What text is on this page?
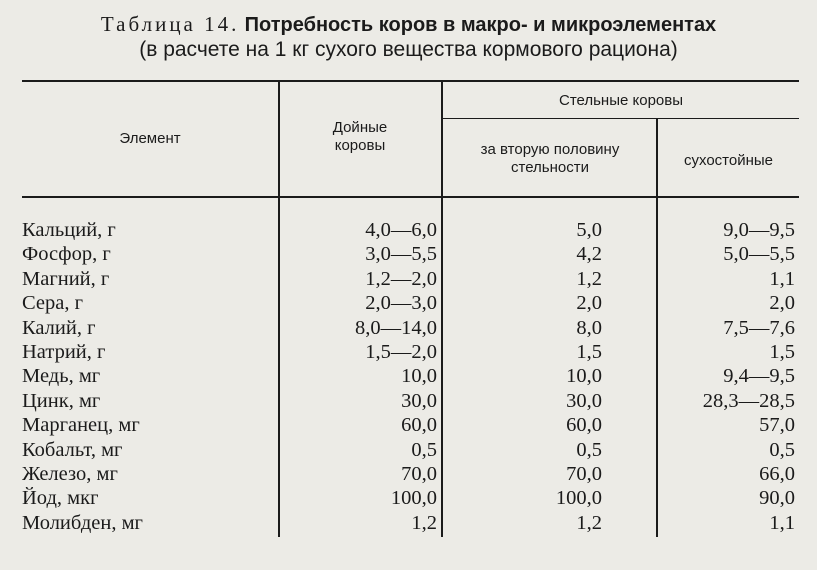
Таблица 14. Потребность коров в макро- и микроэлементах
(в расчете на 1 кг сухого вещества кормового рациона)
Элемент
Дойные коровы
Стельные коровы
за вторую половину стельности	сухостойные
Кальций, г	4,0—6,0	5,0	9,0—9,5
Фосфор, г	3,0—5,5	4,2	5,0—5,5
Магний, г	1,2—2,0	1,2	1,1
Сера, г	2,0—3,0	2,0	2,0
Калий, г	8,0—14,0	8,0	7,5—7,6
Натрий, г	1,5—2,0	1,5	1,5
Медь, мг	10,0	10,0	9,4—9,5
Цинк, мг	30,0	30,0	28,3—28,5
Марганец, мг	60,0	60,0	57,0
Кобальт, мг	0,5	0,5	0,5
Железо, мг	70,0	70,0	66,0
Йод, мкг	100,0	100,0	90,0
Молибден, мг	1,2	1,2	1,1
